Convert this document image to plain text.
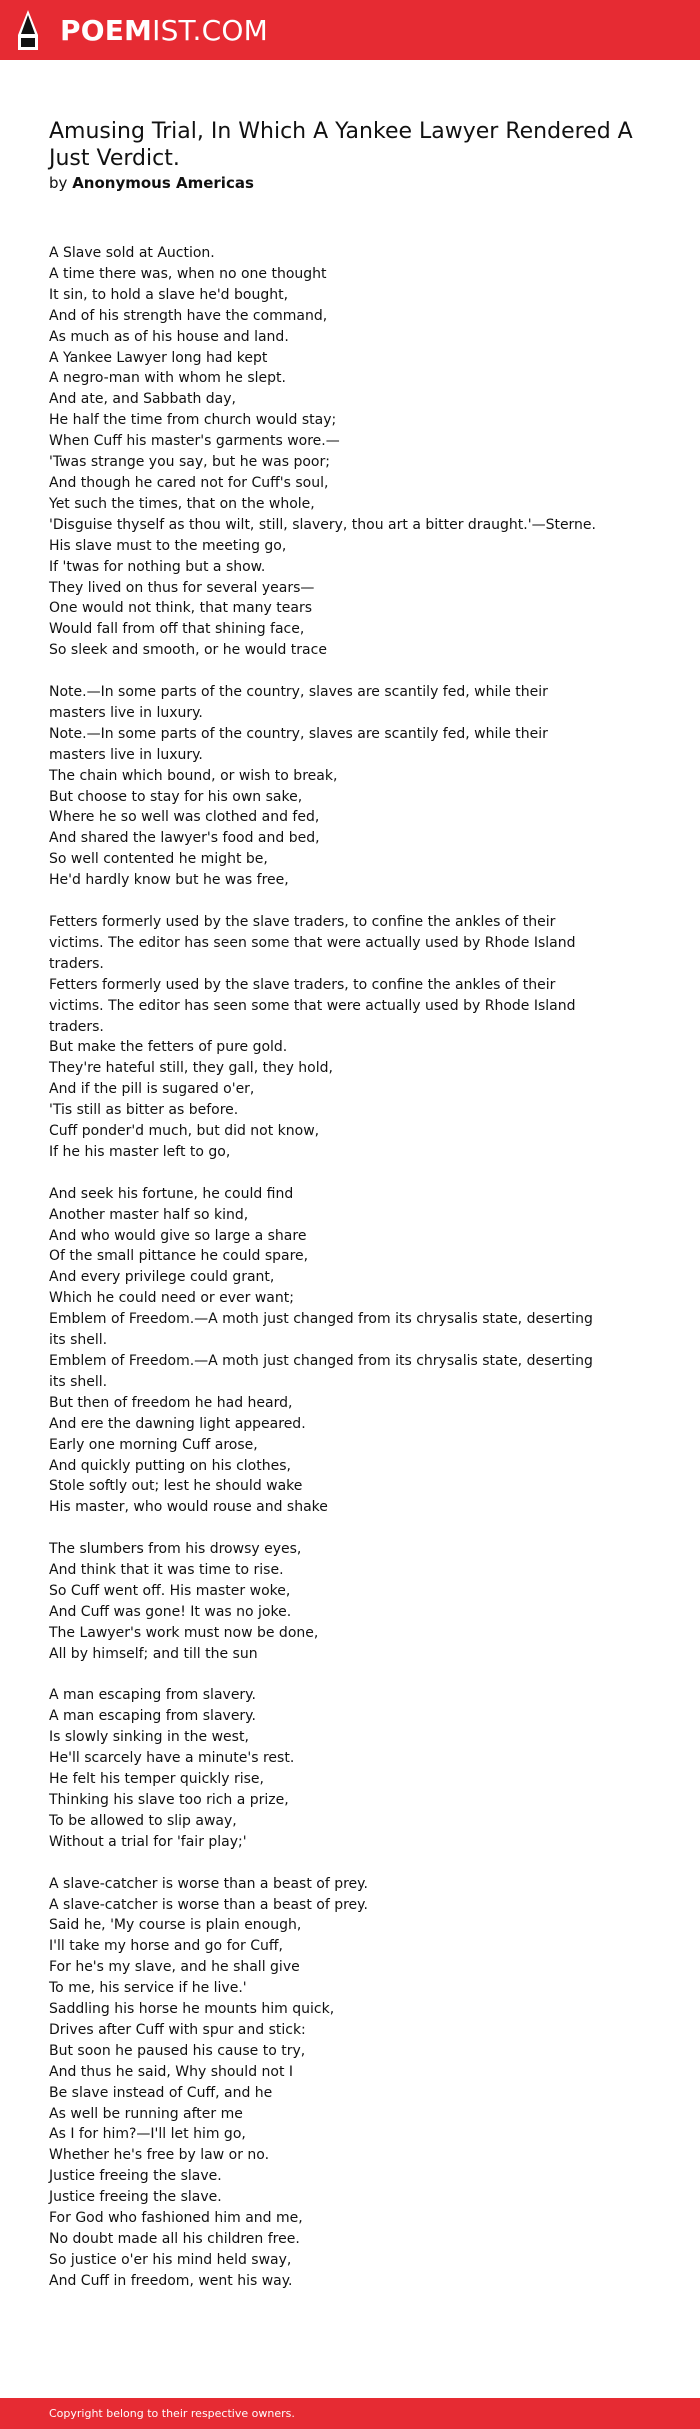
POEMIST.COM
Amusing Trial, In Which A Yankee Lawyer Rendered A Just Verdict.
by Anonymous Americas
A Slave sold at Auction.
A time there was, when no one thought
It sin, to hold a slave he'd bought,
And of his strength have the command,
As much as of his house and land.
A Yankee Lawyer long had kept
A negro-man with whom he slept.
And ate, and Sabbath day,
He half the time from church would stay;
When Cuff his master's garments wore.—
'Twas strange you say, but he was poor;
And though he cared not for Cuff's soul,
Yet such the times, that on the whole,
'Disguise thyself as thou wilt, still, slavery, thou art a bitter draught.'—Sterne.
His slave must to the meeting go,
If 'twas for nothing but a show.
They lived on thus for several years—
One would not think, that many tears
Would fall from off that shining face,
So sleek and smooth, or he would trace
Note.—In some parts of the country, slaves are scantily fed, while their masters live in luxury.
Note.—In some parts of the country, slaves are scantily fed, while their masters live in luxury.
The chain which bound, or wish to break,
But choose to stay for his own sake,
Where he so well was clothed and fed,
And shared the lawyer's food and bed,
So well contented he might be,
He'd hardly know but he was free,
Fetters formerly used by the slave traders, to confine the ankles of their victims. The editor has seen some that were actually used by Rhode Island traders.
Fetters formerly used by the slave traders, to confine the ankles of their victims. The editor has seen some that were actually used by Rhode Island traders.
But make the fetters of pure gold.
They're hateful still, they gall, they hold,
And if the pill is sugared o'er,
'Tis still as bitter as before.
Cuff ponder'd much, but did not know,
If he his master left to go,
And seek his fortune, he could find
Another master half so kind,
And who would give so large a share
Of the small pittance he could spare,
And every privilege could grant,
Which he could need or ever want;
Emblem of Freedom.—A moth just changed from its chrysalis state, deserting its shell.
Emblem of Freedom.—A moth just changed from its chrysalis state, deserting its shell.
But then of freedom he had heard,
And ere the dawning light appeared.
Early one morning Cuff arose,
And quickly putting on his clothes,
Stole softly out; lest he should wake
His master, who would rouse and shake
The slumbers from his drowsy eyes,
And think that it was time to rise.
So Cuff went off. His master woke,
And Cuff was gone! It was no joke.
The Lawyer's work must now be done,
All by himself; and till the sun
A man escaping from slavery.
A man escaping from slavery.
Is slowly sinking in the west,
He'll scarcely have a minute's rest.
He felt his temper quickly rise,
Thinking his slave too rich a prize,
To be allowed to slip away,
Without a trial for 'fair play;'
A slave-catcher is worse than a beast of prey.
A slave-catcher is worse than a beast of prey.
Said he, 'My course is plain enough,
I'll take my horse and go for Cuff,
For he's my slave, and he shall give
To me, his service if he live.'
Saddling his horse he mounts him quick,
Drives after Cuff with spur and stick:
But soon he paused his cause to try,
And thus he said, Why should not I
Be slave instead of Cuff, and he
As well be running after me
As I for him?—I'll let him go,
Whether he's free by law or no.
Justice freeing the slave.
Justice freeing the slave.
For God who fashioned him and me,
No doubt made all his children free.
So justice o'er his mind held sway,
And Cuff in freedom, went his way.
Copyright belong to their respective owners.
